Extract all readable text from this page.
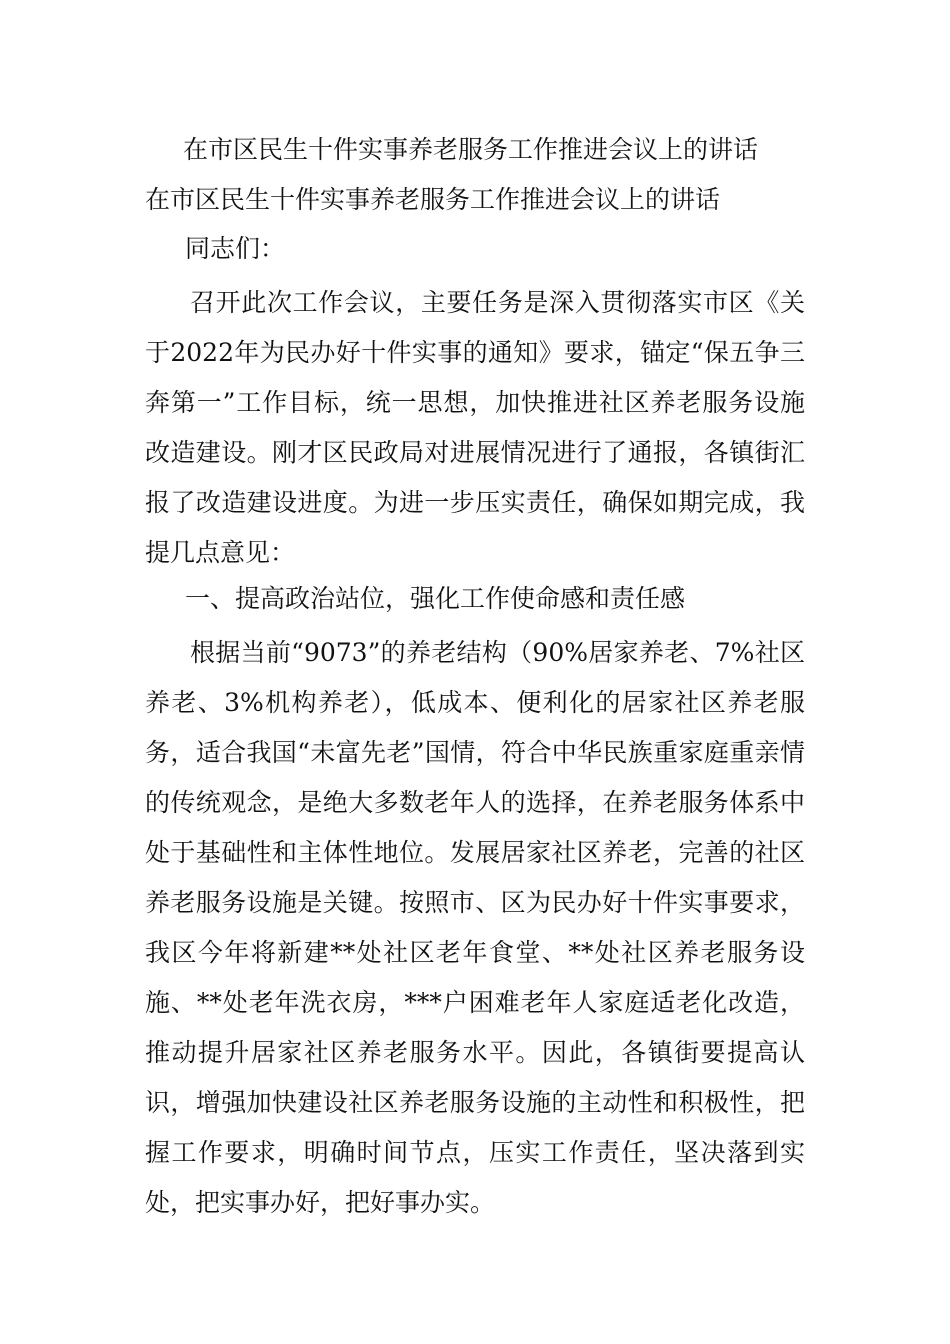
在市区民生十件实事养老服务工作推进会议上的讲话
在市区民生十件实事养老服务工作推进会议上的讲话
同志们：

召开此次工作会议，主要任务是深入贯彻落实市区《关于2022年为民办好十件实事的通知》要求，锚定“保五争三奔第一”工作目标，统一思想，加快推进社区养老服务设施改造建设。刚才区民政局对进展情况进行了通报，各镇街汇报了改造建设进度。为进一步压实责任，确保如期完成，我提几点意见：

一、提高政治站位，强化工作使命感和责任感

根据当前“9073”的养老结构（90%居家养老、7%社区养老、3%机构养老），低成本、便利化的居家社区养老服务，适合我国“未富先老”国情，符合中华民族重家庭重亲情的传统观念，是绝大多数老年人的选择，在养老服务体系中处于基础性和主体性地位。发展居家社区养老，完善的社区养老服务设施是关键。按照市、区为民办好十件实事要求，我区今年将新建**处社区老年食堂、**处社区养老服务设施、**处老年洗衣房，***户困难老年人家庭适老化改造，推动提升居家社区养老服务水平。因此，各镇街要提高认识，增强加快建设社区养老服务设施的主动性和积极性，把握工作要求，明确时间节点，压实工作责任，坚决落到实处，把实事办好，把好事办实。
